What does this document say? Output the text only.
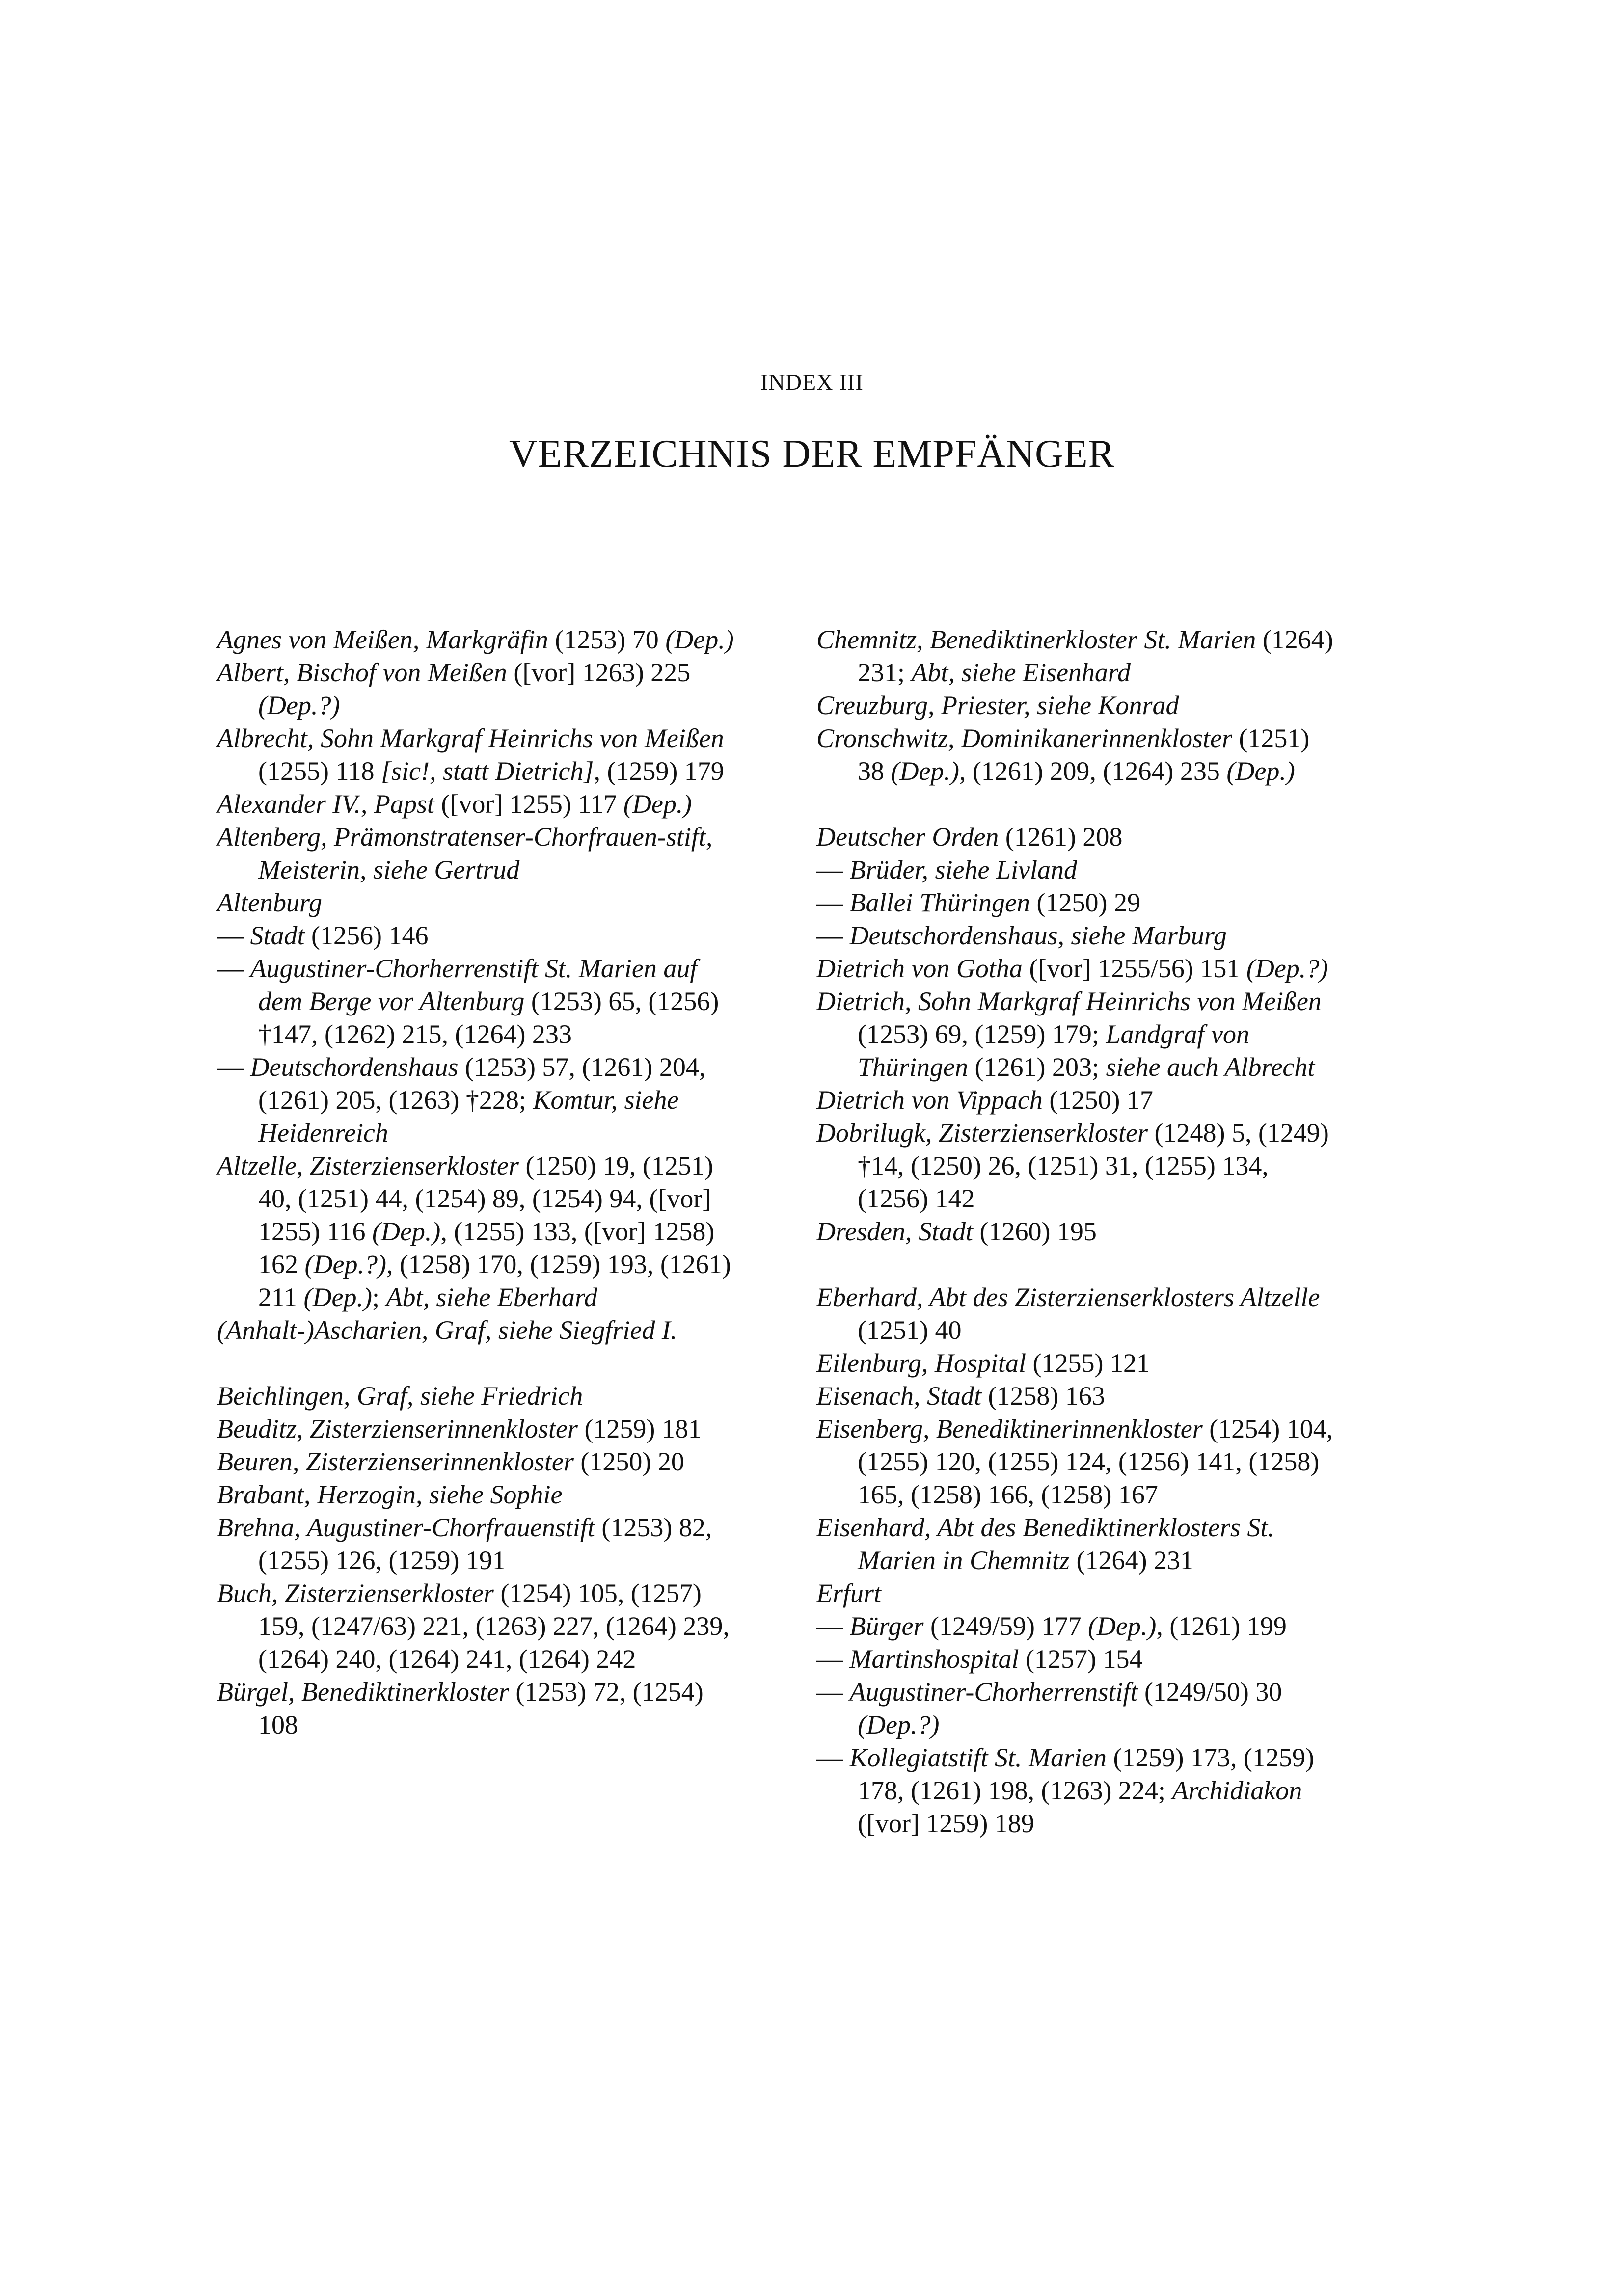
INDEX III
VERZEICHNIS DER EMPFÄNGER
Agnes von Meißen, Markgräfin (1253) 70 (Dep.)
Albert, Bischof von Meißen ([vor] 1263) 225 (Dep.?)
Albrecht, Sohn Markgraf Heinrichs von Meißen (1255) 118 [sic!, statt Dietrich], (1259) 179
Alexander IV., Papst ([vor] 1255) 117 (Dep.)
Altenberg, Prämonstratenser-Chorfrauen-stift, Meisterin, siehe Gertrud
Altenburg
— Stadt (1256) 146
— Augustiner-Chorherrenstift St. Marien auf dem Berge vor Altenburg (1253) 65, (1256) †147, (1262) 215, (1264) 233
— Deutschordenshaus (1253) 57, (1261) 204, (1261) 205, (1263) †228; Komtur, siehe Heidenreich
Altzelle, Zisterzienserkloster (1250) 19, (1251) 40, (1251) 44, (1254) 89, (1254) 94, ([vor] 1255) 116 (Dep.), (1255) 133, ([vor] 1258) 162 (Dep.?), (1258) 170, (1259) 193, (1261) 211 (Dep.); Abt, siehe Eberhard
(Anhalt-)Ascharien, Graf, siehe Siegfried I.
Beichlingen, Graf, siehe Friedrich
Beuditz, Zisterzienserinnenkloster (1259) 181
Beuren, Zisterzienserinnenkloster (1250) 20
Brabant, Herzogin, siehe Sophie
Brehna, Augustiner-Chorfrauenstift (1253) 82, (1255) 126, (1259) 191
Buch, Zisterzienserkloster (1254) 105, (1257) 159, (1247/63) 221, (1263) 227, (1264) 239, (1264) 240, (1264) 241, (1264) 242
Bürgel, Benediktinerkloster (1253) 72, (1254) 108
Chemnitz, Benediktinerkloster St. Marien (1264) 231; Abt, siehe Eisenhard
Creuzburg, Priester, siehe Konrad
Cronschwitz, Dominikanerinnenkloster (1251) 38 (Dep.), (1261) 209, (1264) 235 (Dep.)
Deutscher Orden (1261) 208
— Brüder, siehe Livland
— Ballei Thüringen (1250) 29
— Deutschordenshaus, siehe Marburg
Dietrich von Gotha ([vor] 1255/56) 151 (Dep.?)
Dietrich, Sohn Markgraf Heinrichs von Meißen (1253) 69, (1259) 179; Landgraf von Thüringen (1261) 203; siehe auch Albrecht
Dietrich von Vippach (1250) 17
Dobrilugk, Zisterzienserkloster (1248) 5, (1249) †14, (1250) 26, (1251) 31, (1255) 134, (1256) 142
Dresden, Stadt (1260) 195
Eberhard, Abt des Zisterzienserklosters Altzelle (1251) 40
Eilenburg, Hospital (1255) 121
Eisenach, Stadt (1258) 163
Eisenberg, Benediktinerinnenkloster (1254) 104, (1255) 120, (1255) 124, (1256) 141, (1258) 165, (1258) 166, (1258) 167
Eisenhard, Abt des Benediktinerklosters St. Marien in Chemnitz (1264) 231
Erfurt
— Bürger (1249/59) 177 (Dep.), (1261) 199
— Martinshospital (1257) 154
— Augustiner-Chorherrenstift (1249/50) 30 (Dep.?)
— Kollegiatstift St. Marien (1259) 173, (1259) 178, (1261) 198, (1263) 224; Archidiakon ([vor] 1259) 189
